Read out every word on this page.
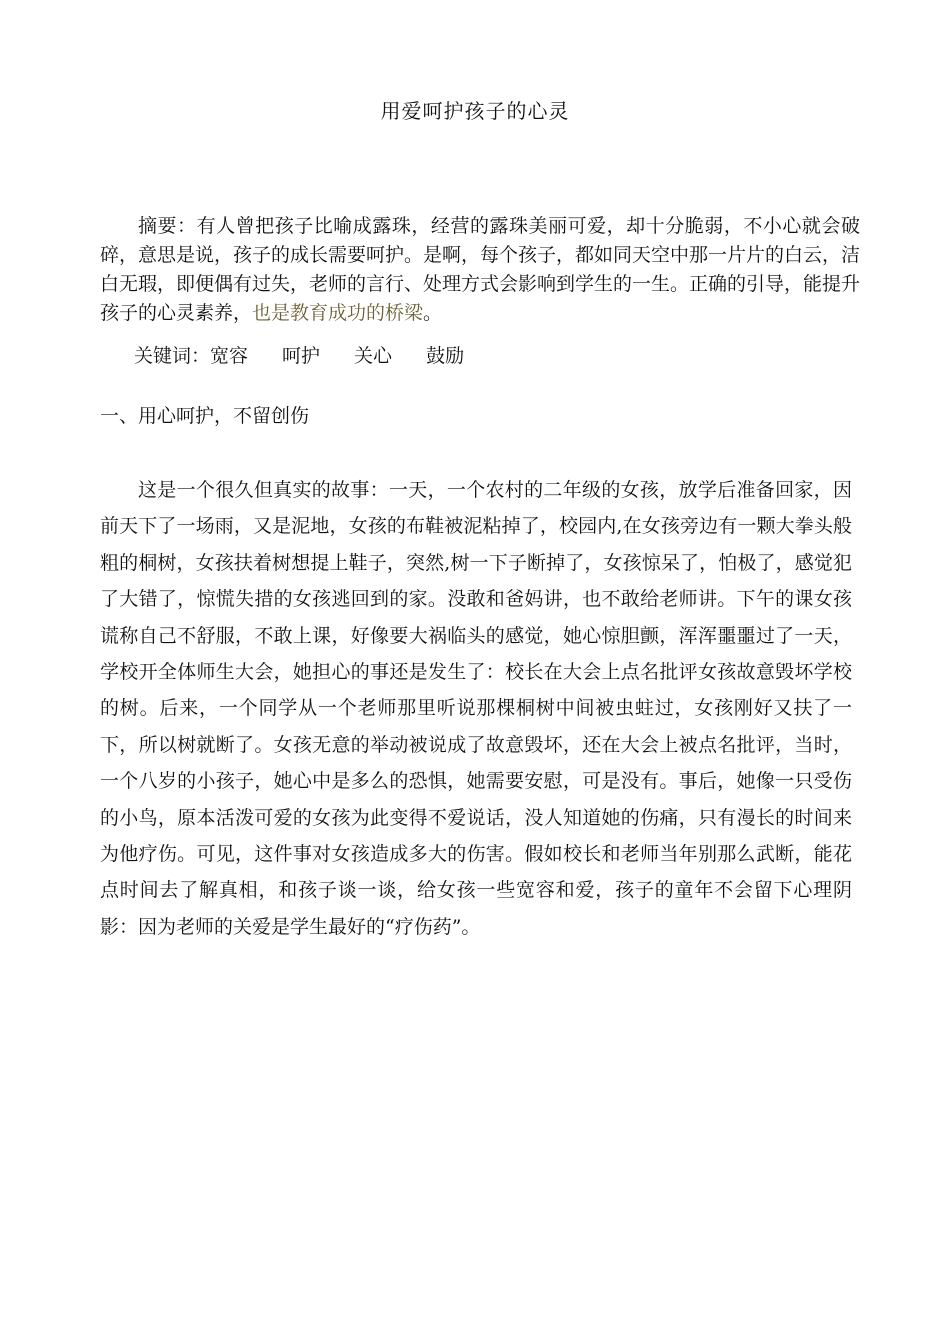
用爱呵护孩子的心灵

摘要：有人曾把孩子比喻成露珠，经营的露珠美丽可爱，却十分脆弱，不小心就会破碎，意思是说，孩子的成长需要呵护。是啊，每个孩子，都如同天空中那一片片的白云，洁白无瑕，即便偶有过失，老师的言行、处理方式会影响到学生的一生。正确的引导，能提升孩子的心灵素养，也是教育成功的桥梁。

关键词：宽容 呵护 关心 鼓励

一、用心呵护，不留创伤

这是一个很久但真实的故事：一天，一个农村的二年级的女孩，放学后准备回家，因前天下了一场雨，又是泥地，女孩的布鞋被泥粘掉了，校园内,在女孩旁边有一颗大拳头般粗的桐树，女孩扶着树想提上鞋子，突然,树一下子断掉了，女孩惊呆了，怕极了，感觉犯了大错了，惊慌失措的女孩逃回到的家。没敢和爸妈讲，也不敢给老师讲。下午的课女孩谎称自己不舒服，不敢上课，好像要大祸临头的感觉，她心惊胆颤，浑浑噩噩过了一天，学校开全体师生大会，她担心的事还是发生了：校长在大会上点名批评女孩故意毁坏学校的树。后来，一个同学从一个老师那里听说那棵桐树中间被虫蛀过，女孩刚好又扶了一下，所以树就断了。女孩无意的举动被说成了故意毁坏，还在大会上被点名批评，当时，一个八岁的小孩子，她心中是多么的恐惧，她需要安慰，可是没有。事后，她像一只受伤的小鸟，原本活泼可爱的女孩为此变得不爱说话，没人知道她的伤痛，只有漫长的时间来为他疗伤。可见，这件事对女孩造成多大的伤害。假如校长和老师当年别那么武断，能花点时间去了解真相，和孩子谈一谈，给女孩一些宽容和爱，孩子的童年不会留下心理阴影：因为老师的关爱是学生最好的“疗伤药”。
